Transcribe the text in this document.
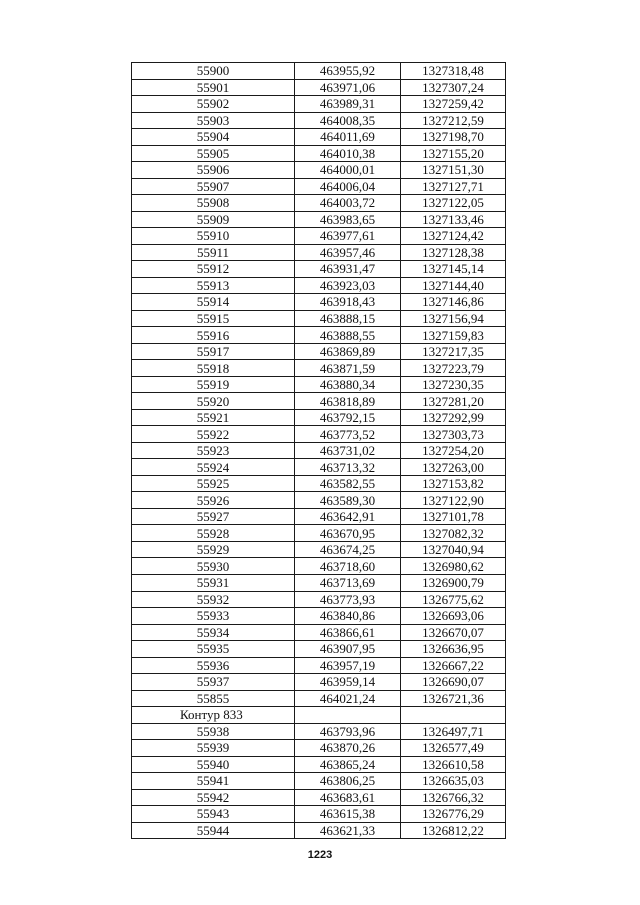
55900	463955,92	1327318,48
55901	463971,06	1327307,24
55902	463989,31	1327259,42
55903	464008,35	1327212,59
55904	464011,69	1327198,70
55905	464010,38	1327155,20
55906	464000,01	1327151,30
55907	464006,04	1327127,71
55908	464003,72	1327122,05
55909	463983,65	1327133,46
55910	463977,61	1327124,42
55911	463957,46	1327128,38
55912	463931,47	1327145,14
55913	463923,03	1327144,40
55914	463918,43	1327146,86
55915	463888,15	1327156,94
55916	463888,55	1327159,83
55917	463869,89	1327217,35
55918	463871,59	1327223,79
55919	463880,34	1327230,35
55920	463818,89	1327281,20
55921	463792,15	1327292,99
55922	463773,52	1327303,73
55923	463731,02	1327254,20
55924	463713,32	1327263,00
55925	463582,55	1327153,82
55926	463589,30	1327122,90
55927	463642,91	1327101,78
55928	463670,95	1327082,32
55929	463674,25	1327040,94
55930	463718,60	1326980,62
55931	463713,69	1326900,79
55932	463773,93	1326775,62
55933	463840,86	1326693,06
55934	463866,61	1326670,07
55935	463907,95	1326636,95
55936	463957,19	1326667,22
55937	463959,14	1326690,07
55855	464021,24	1326721,36
Контур 833		
55938	463793,96	1326497,71
55939	463870,26	1326577,49
55940	463865,24	1326610,58
55941	463806,25	1326635,03
55942	463683,61	1326766,32
55943	463615,38	1326776,29
55944	463621,33	1326812,22
1223
